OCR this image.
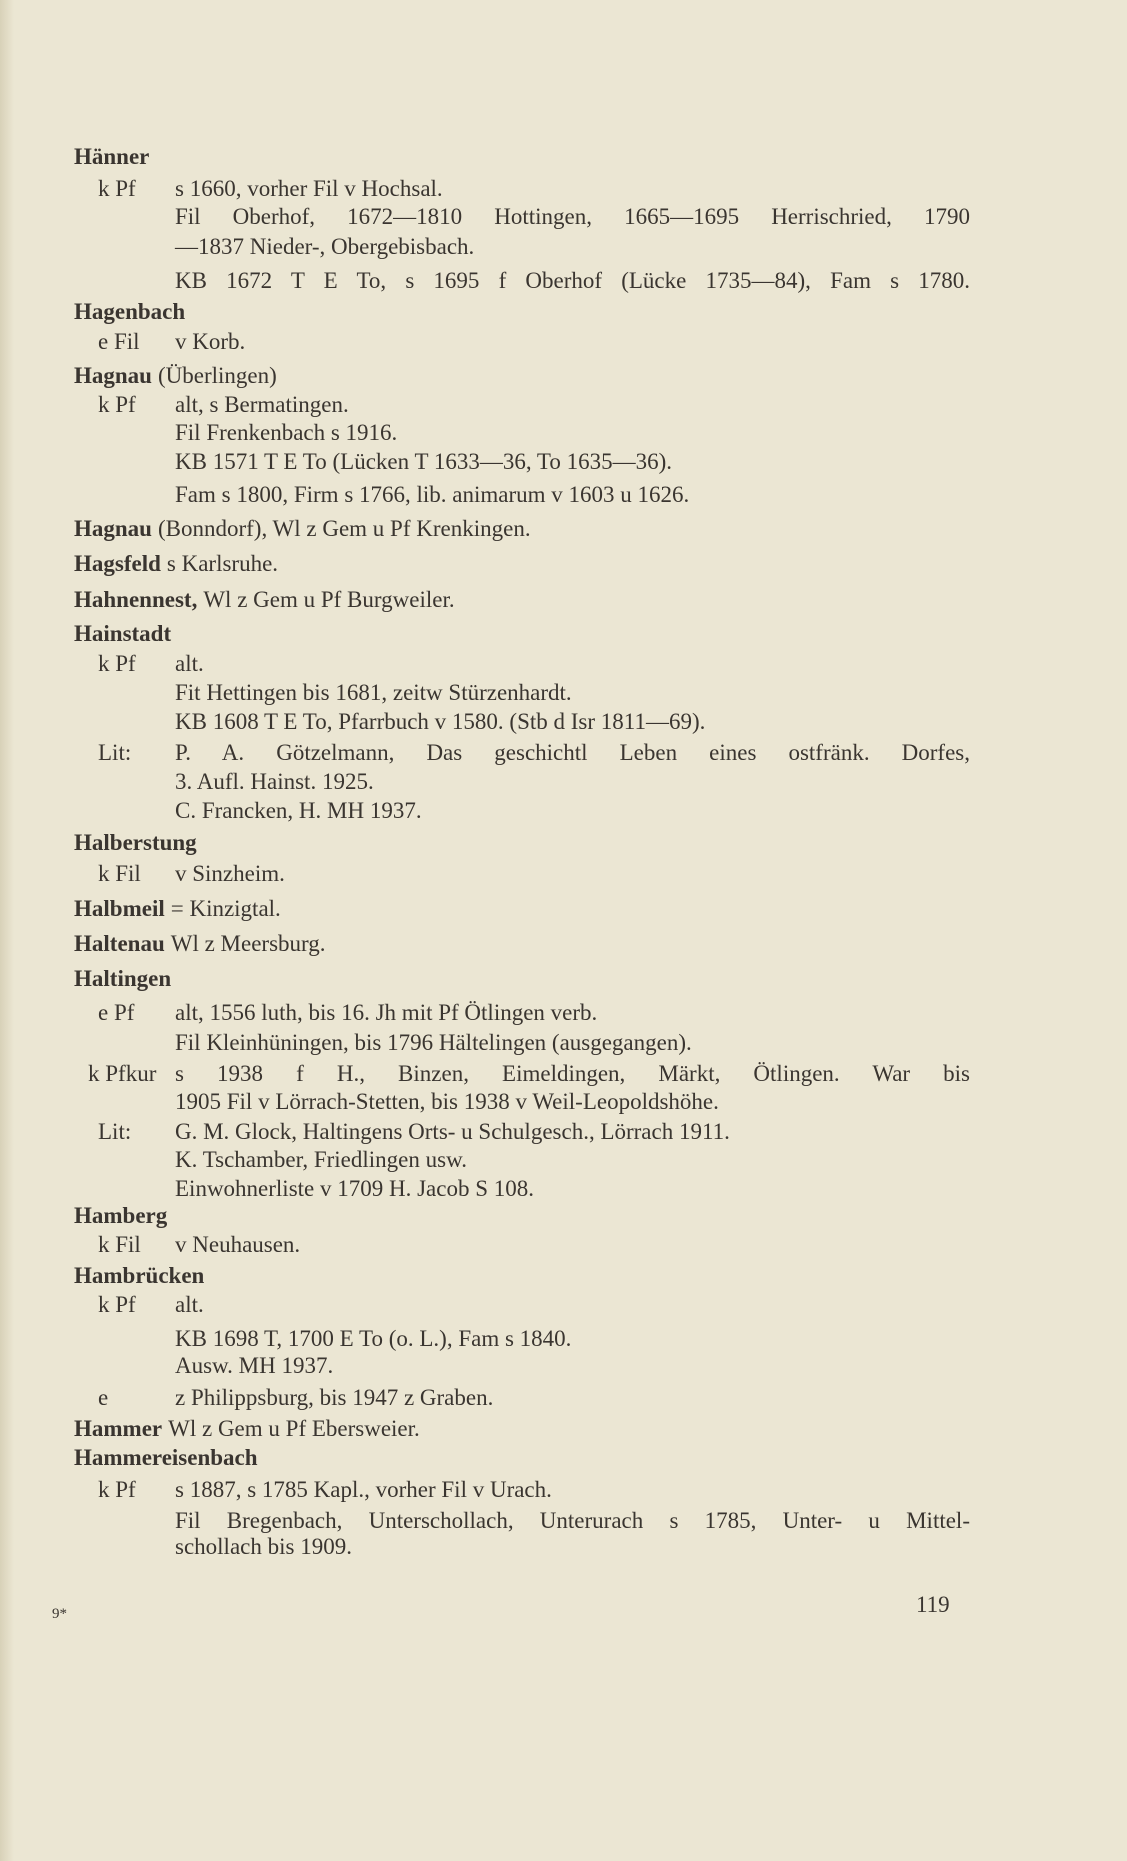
Hänner
k Pf s 1660, vorher Fil v Hochsal.
Fil Oberhof, 1672—1810 Hottingen, 1665—1695 Herrischried, 1790
—1837 Nieder-, Obergebisbach.
KB 1672 T E To, s 1695 f Oberhof (Lücke 1735—84), Fam s 1780.
Hagenbach
e Fil v Korb.
Hagnau (Überlingen)
k Pf alt, s Bermatingen.
Fil Frenkenbach s 1916.
KB 1571 T E To (Lücken T 1633—36, To 1635—36).
Fam s 1800, Firm s 1766, lib. animarum v 1603 u 1626.
Hagnau (Bonndorf), Wl z Gem u Pf Krenkingen.
Hagsfeld s Karlsruhe.
Hahnennest, Wl z Gem u Pf Burgweiler.
Hainstadt
k Pf alt.
Fit Hettingen bis 1681, zeitw Stürzenhardt.
KB 1608 T E To, Pfarrbuch v 1580. (Stb d Isr 1811—69).
Lit: P. A. Götzelmann, Das geschichtl Leben eines ostfränk. Dorfes,
3. Aufl. Hainst. 1925.
C. Francken, H. MH 1937.
Halberstung
k Fil v Sinzheim.
Halbmeil = Kinzigtal.
Haltenau Wl z Meersburg.
Haltingen
e Pf alt, 1556 luth, bis 16. Jh mit Pf Ötlingen verb.
Fil Kleinhüningen, bis 1796 Hältelingen (ausgegangen).
k Pfkur s 1938 f H., Binzen, Eimeldingen, Märkt, Ötlingen. War bis
1905 Fil v Lörrach-Stetten, bis 1938 v Weil-Leopoldshöhe.
Lit: G. M. Glock, Haltingens Orts- u Schulgesch., Lörrach 1911.
K. Tschamber, Friedlingen usw.
Einwohnerliste v 1709 H. Jacob S 108.
Hamberg
k Fil v Neuhausen.
Hambrücken
k Pf alt.
KB 1698 T, 1700 E To (o. L.), Fam s 1840.
Ausw. MH 1937.
e	z Philippsburg, bis 1947 z Graben.
Hammer Wl z Gem u Pf Ebersweier.
Hammereisenbach
k Pf s 1887, s 1785 Kapl., vorher Fil v Urach.
Fil Bregenbach, Unterschollach, Unterurach s 1785, Unter- u Mittel-
schollach bis 1909.
119
9*
